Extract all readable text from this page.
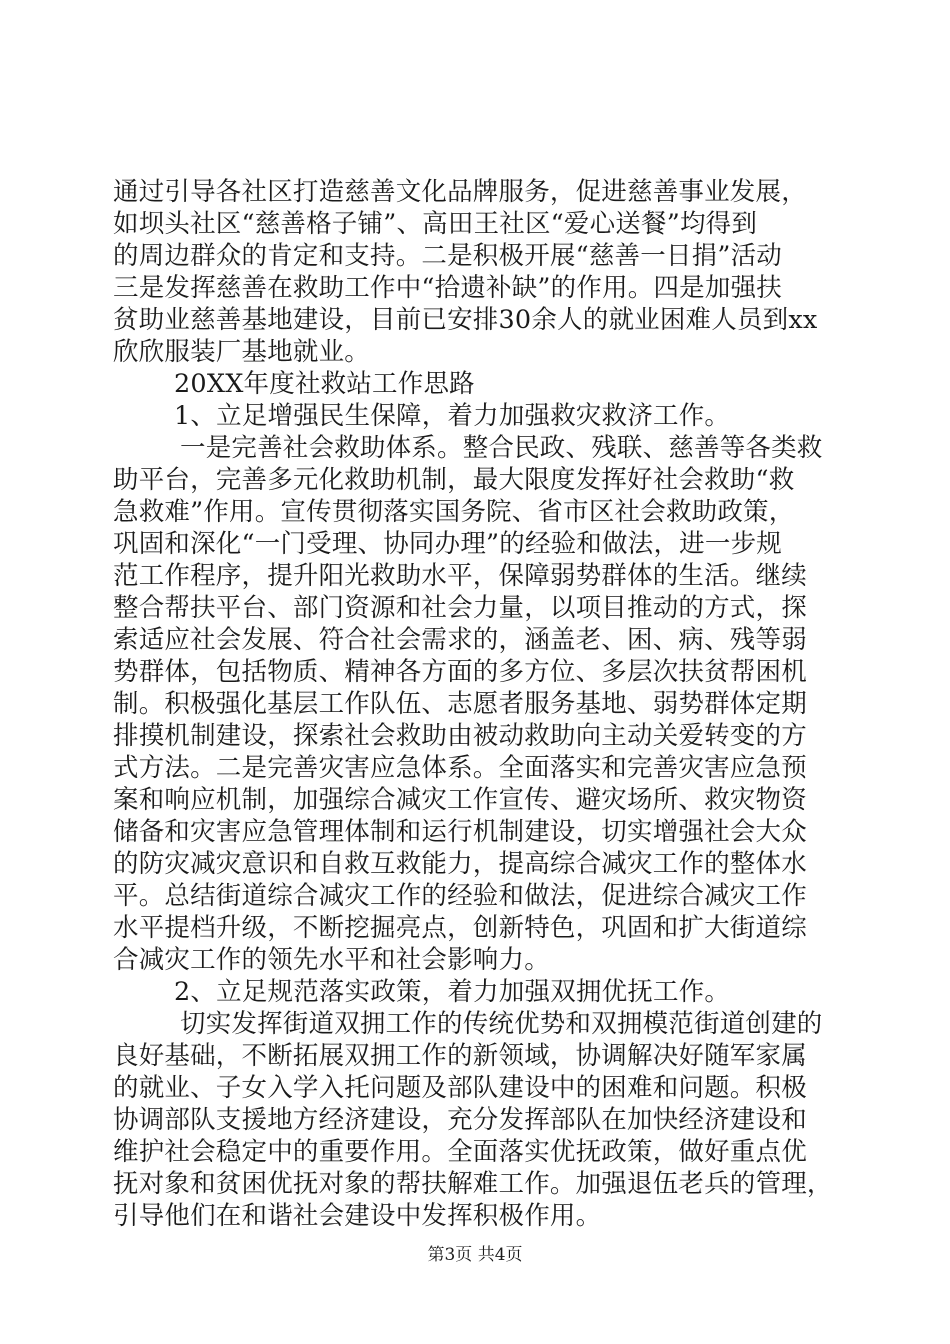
通过引导各社区打造慈善文化品牌服务，促进慈善事业发展，
如坝头社区“慈善格子铺”、高田王社区“爱心送餐”均得到
的周边群众的肯定和支持。二是积极开展“慈善一日捐”活动
三是发挥慈善在救助工作中“拾遗补缺”的作用。四是加强扶
贫助业慈善基地建设，目前已安排30余人的就业困难人员到xx
欣欣服装厂基地就业。
20XX年度社救站工作思路
1、立足增强民生保障，着力加强救灾救济工作。
一是完善社会救助体系。整合民政、残联、慈善等各类救
助平台，完善多元化救助机制，最大限度发挥好社会救助“救
急救难”作用。宣传贯彻落实国务院、省市区社会救助政策，
巩固和深化“一门受理、协同办理”的经验和做法，进一步规
范工作程序，提升阳光救助水平，保障弱势群体的生活。继续
整合帮扶平台、部门资源和社会力量，以项目推动的方式，探
索适应社会发展、符合社会需求的，涵盖老、困、病、残等弱
势群体，包括物质、精神各方面的多方位、多层次扶贫帮困机
制。积极强化基层工作队伍、志愿者服务基地、弱势群体定期
排摸机制建设，探索社会救助由被动救助向主动关爱转变的方
式方法。二是完善灾害应急体系。全面落实和完善灾害应急预
案和响应机制，加强综合减灾工作宣传、避灾场所、救灾物资
储备和灾害应急管理体制和运行机制建设，切实增强社会大众
的防灾减灾意识和自救互救能力，提高综合减灾工作的整体水
平。总结街道综合减灾工作的经验和做法，促进综合减灾工作
水平提档升级，不断挖掘亮点，创新特色，巩固和扩大街道综
合减灾工作的领先水平和社会影响力。
2、立足规范落实政策，着力加强双拥优抚工作。
切实发挥街道双拥工作的传统优势和双拥模范街道创建的
良好基础，不断拓展双拥工作的新领域，协调解决好随军家属
的就业、子女入学入托问题及部队建设中的困难和问题。积极
协调部队支援地方经济建设，充分发挥部队在加快经济建设和
维护社会稳定中的重要作用。全面落实优抚政策，做好重点优
抚对象和贫困优抚对象的帮扶解难工作。加强退伍老兵的管理，
引导他们在和谐社会建设中发挥积极作用。
第3页 共4页
